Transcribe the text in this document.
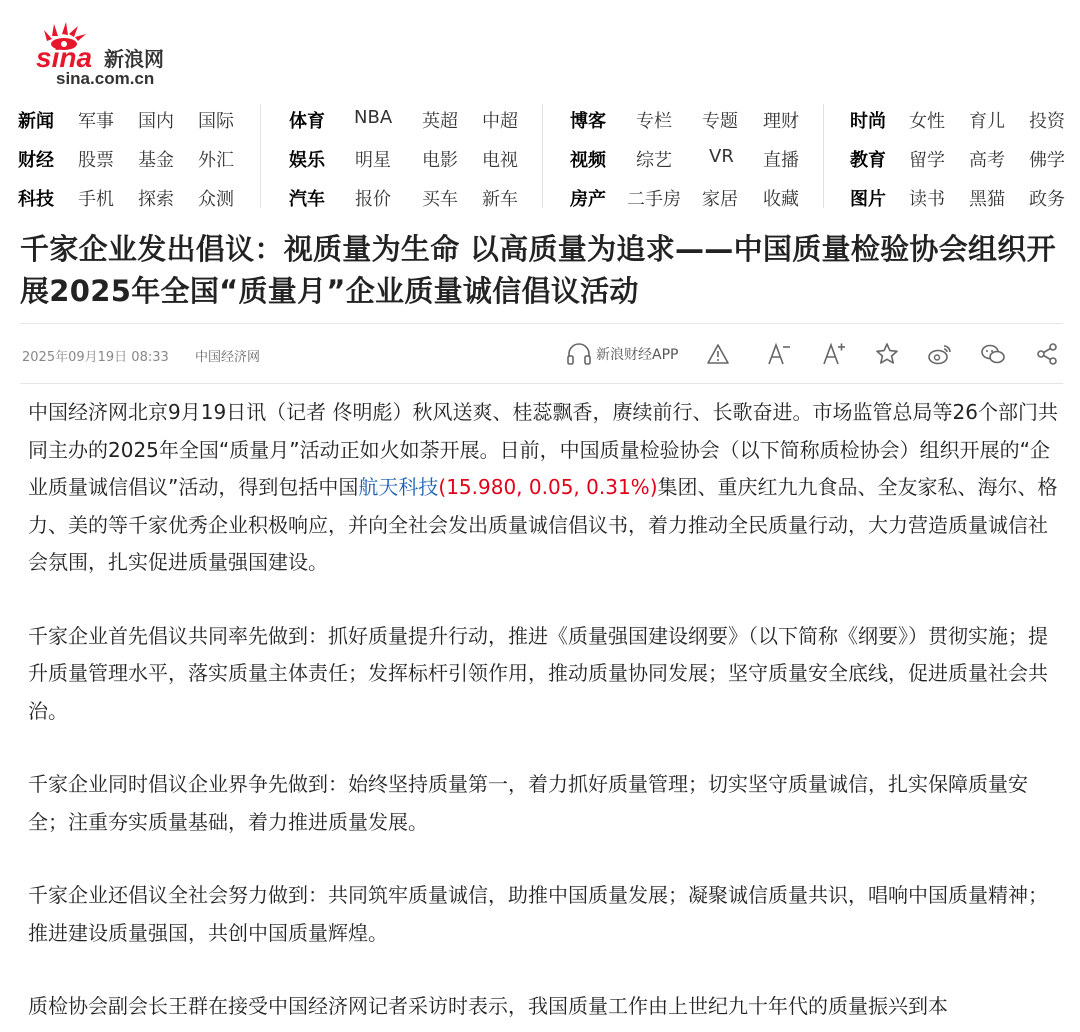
sina 新浪网
sina.com.cn
新闻 军事 国内 国际
财经 股票 基金 外汇
科技 手机 探索 众测
体育 NBA 英超 中超
娱乐 明星 电影 电视
汽车 报价 买车 新车
博客 专栏 专题 理财
视频 综艺 VR 直播
房产 二手房 家居 收藏
时尚 女性 育儿 投资
教育 留学 高考 佛学
图片 读书 黑猫 政务
千家企业发出倡议：视质量为生命 以高质量为追求——中国质量检验协会组织开展2025年全国“质量月”企业质量诚信倡议活动
2025年09月19日 08:33 中国经济网	新浪财经APP

中国经济网北京9月19日讯（记者 佟明彪）秋风送爽、桂蕊飘香，赓续前行、长歌奋进。市场监管总局等26个部门共同主办的2025年全国“质量月”活动正如火如荼开展。日前，中国质量检验协会（以下简称质检协会）组织开展的“企业质量诚信倡议”活动，得到包括中国航天科技(15.980, 0.05, 0.31%)集团、重庆红九九食品、全友家私、海尔、格力、美的等千家优秀企业积极响应，并向全社会发出质量诚信倡议书，着力推动全民质量行动，大力营造质量诚信社会氛围，扎实促进质量强国建设。

千家企业首先倡议共同率先做到：抓好质量提升行动，推进《质量强国建设纲要》（以下简称《纲要》）贯彻实施；提升质量管理水平，落实质量主体责任；发挥标杆引领作用，推动质量协同发展；坚守质量安全底线，促进质量社会共治。

千家企业同时倡议企业界争先做到：始终坚持质量第一，着力抓好质量管理；切实坚守质量诚信，扎实保障质量安全；注重夯实质量基础，着力推进质量发展。

千家企业还倡议全社会努力做到：共同筑牢质量诚信，助推中国质量发展；凝聚诚信质量共识，唱响中国质量精神；推进建设质量强国，共创中国质量辉煌。

质检协会副会长王群在接受中国经济网记者采访时表示，我国质量工作由上世纪九十年代的质量振兴到本
